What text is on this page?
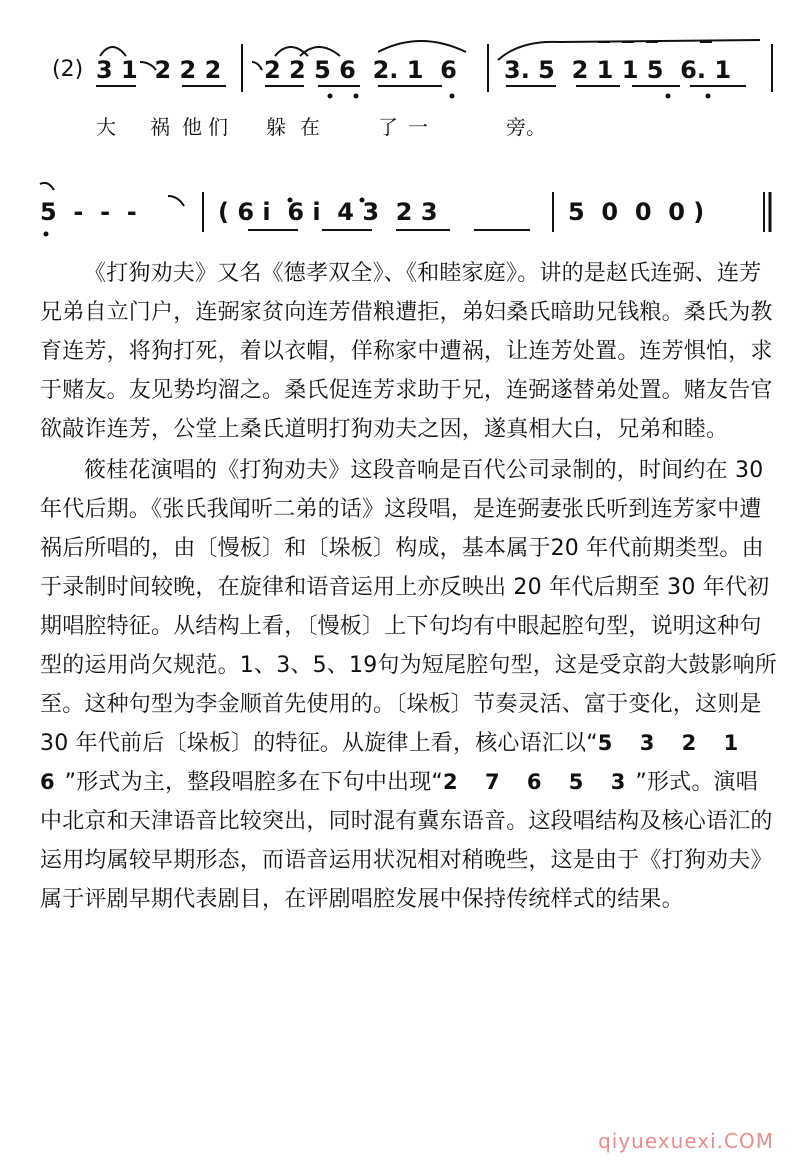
(2) 3 1  2 2 2 2 2 5 6  2. 1  6 3. 5  2 1 1 5  6. 1
大 祸 他 们 躲 在	了 一	旁。
5  -  -  -	( 6 i  6 i  4 3  2 3	5  0  0  0 )

《打狗劝夫》又名《德孝双全》、《和睦家庭》。讲的是赵氏连弼、连芳兄弟自立门户，连弼家贫向连芳借粮遭拒，弟妇桑氏暗助兄钱粮。桑氏为教育连芳，将狗打死，着以衣帽，佯称家中遭祸，让连芳处置。连芳惧怕，求于赌友。友见势均溜之。桑氏促连芳求助于兄，连弼遂替弟处置。赌友告官欲敲诈连芳，公堂上桑氏道明打狗劝夫之因，遂真相大白，兄弟和睦。

筱桂花演唱的《打狗劝夫》这段音响是百代公司录制的，时间约在 30 年代后期。《张氏我闻听二弟的话》这段唱，是连弼妻张氏听到连芳家中遭祸后所唱的，由〔慢板〕和〔垛板〕构成，基本属于20 年代前期类型。由于录制时间较晚，在旋律和语音运用上亦反映出 20 年代后期至 30 年代初期唱腔特征。从结构上看，〔慢板〕上下句均有中眼起腔句型，说明这种句型的运用尚欠规范。1、3、5、19句为短尾腔句型，这是受京韵大鼓影响所至。这种句型为李金顺首先使用的。〔垛板〕节奏灵活、富于变化，这则是 30 年代前后〔垛板〕的特征。从旋律上看，核心语汇以“5 3 2 1 6”形式为主，整段唱腔多在下句中出现“2 7 6 5 3”形式。演唱中北京和天津语音比较突出，同时混有冀东语音。这段唱结构及核心语汇的运用均属较早期形态，而语音运用状况相对稍晚些，这是由于《打狗劝夫》属于评剧早期代表剧目，在评剧唱腔发展中保持传统样式的结果。

qiyuexuexi.COM
